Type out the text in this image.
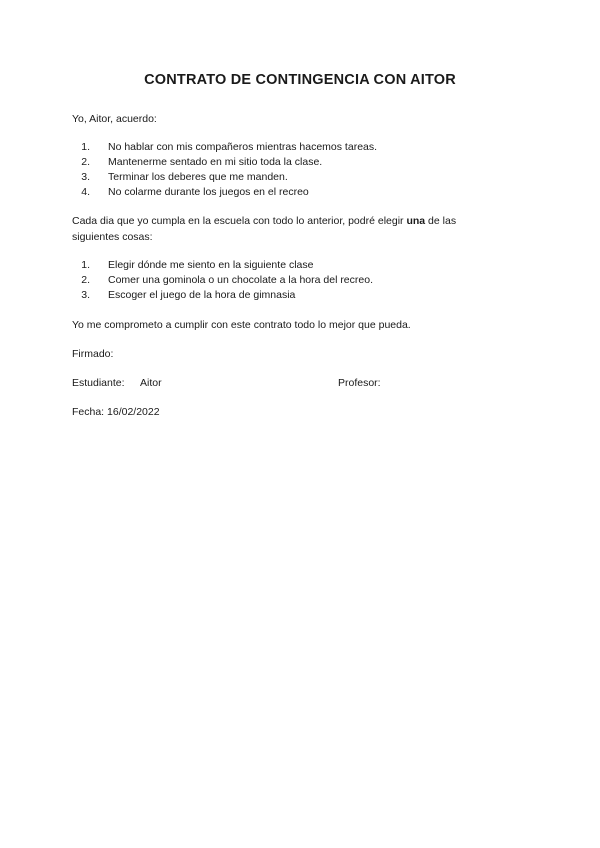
CONTRATO DE CONTINGENCIA CON AITOR
Yo, Aitor, acuerdo:
1. No hablar con mis compañeros mientras hacemos tareas.
2. Mantenerme sentado en mi sitio toda la clase.
3. Terminar los deberes que me manden.
4. No colarme durante los juegos en el recreo
Cada dia que yo cumpla en la escuela con todo lo anterior, podré elegir una de las
siguientes cosas:
1. Elegir dónde me siento en la siguiente clase
2. Comer una gominola o un chocolate a la hora del recreo.
3. Escoger el juego de la hora de gimnasia
Yo me comprometo a cumplir con este contrato todo lo mejor que pueda.
Firmado:
Estudiante: Aitor	Profesor:
Fecha: 16/02/2022
